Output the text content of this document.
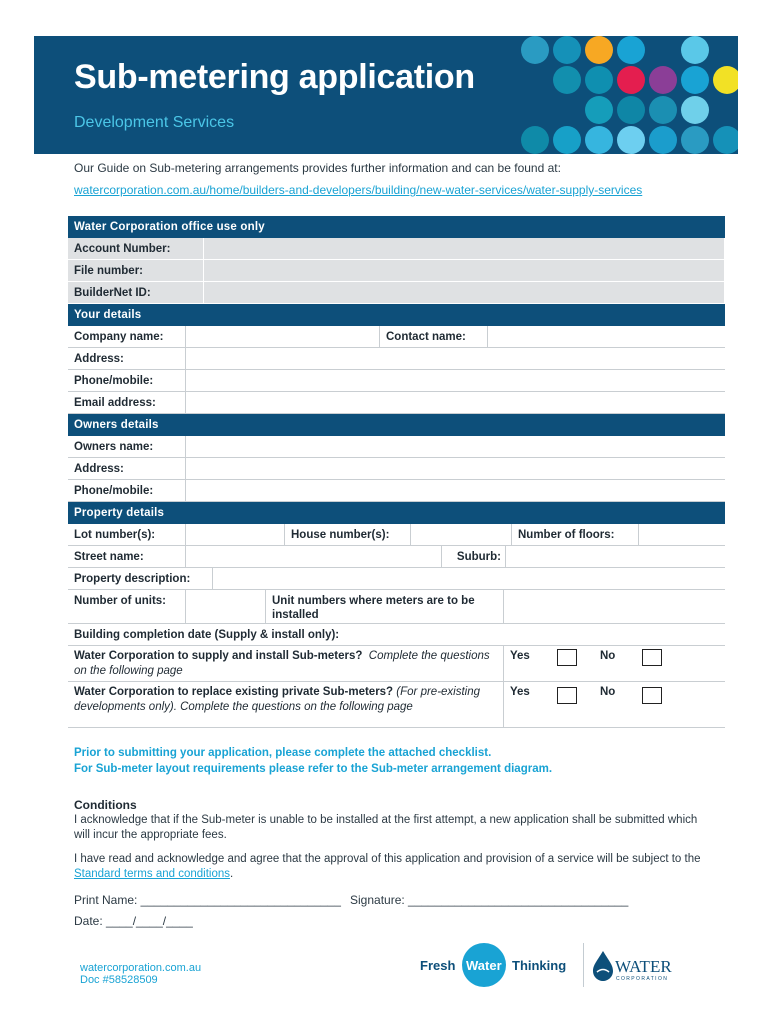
Sub-metering application
Development Services
Our Guide on Sub-metering arrangements provides further information and can be found at:
watercorporation.com.au/home/builders-and-developers/building/new-water-services/water-supply-services
Water Corporation office use only
Account Number:
File number:
BuilderNet ID:
Your details
Company name:	Contact name:
Address:
Phone/mobile:
Email address:
Owners details
Owners name:
Address:
Phone/mobile:
Property details
Lot number(s):	House number(s):	Number of floors:
Street name:	Suburb:
Property description:
Number of units:	Unit numbers where meters are to be installed
Building completion date (Supply & install only):
Water Corporation to supply and install Sub-meters? Complete the questions on the following page
Yes	No
Water Corporation to replace existing private Sub-meters? (For pre-existing developments only). Complete the questions on the following page
Yes	No
Prior to submitting your application, please complete the attached checklist.
For Sub-meter layout requirements please refer to the Sub-meter arrangement diagram.
Conditions
I acknowledge that if the Sub-meter is unable to be installed at the first attempt, a new application shall be submitted which will incur the appropriate fees.
I have read and acknowledge and agree that the approval of this application and provision of a service will be subject to the Standard terms and conditions.
Print Name: ______________________________ Signature: _________________________________
Date: ____/____/____
watercorporation.com.au
Doc #58528509
Fresh Water Thinking	WATER
CORPORATION
